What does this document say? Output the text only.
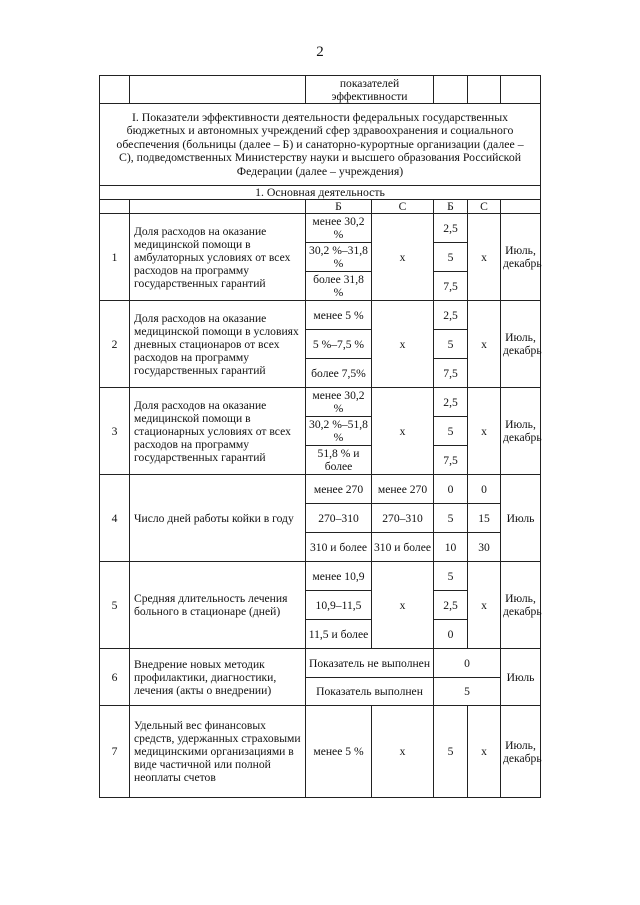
2
		показателей эффективности				
I. Показатели эффективности деятельности федеральных государственных бюджетных и автономных учреждений сфер здравоохранения и социального обеспечения (больницы (далее – Б) и санаторно-курортные организации (далее – С), подведомственных Министерству науки и высшего образования Российской Федерации (далее – учреждения)						
1. Основная деятельность						
		Б	С	Б	С	
1	Доля расходов на оказание медицинской помощи в амбулаторных условиях от всех расходов на программу государственных гарантий	менее 30,2 %	х	2,5	х	Июль, декабрь
		30,2 %–31,8 %		5		
		более 31,8 %		7,5		
2	Доля расходов на оказание медицинской помощи в условиях дневных стационаров от всех расходов на программу государственных гарантий	менее 5 %	х	2,5	х	Июль, декабрь
		5 %–7,5 %		5		
		более 7,5%		7,5		
3	Доля расходов на оказание медицинской помощи в стационарных условиях от всех расходов на программу государственных гарантий	менее 30,2 %	х	2,5	х	Июль, декабрь
		30,2 %–51,8 %		5		
		51,8 % и более		7,5		
4	Число дней работы койки в году	менее 270	менее 270	0	0	Июль
		270–310	270–310	5	15	
		310 и более	310 и более	10	30	
5	Средняя длительность лечения больного в стационаре (дней)	менее 10,9	х	5	х	Июль, декабрь
		10,9–11,5		2,5		
		11,5 и более		0		
6	Внедрение новых методик профилактики, диагностики, лечения (акты о внедрении)	Показатель не выполнен		0		Июль
		Показатель выполнен		5		
7	Удельный вес финансовых средств, удержанных страховыми медицинскими организациями в виде частичной или полной неоплаты счетов	менее 5 %	х	5	х	Июль, декабрь
